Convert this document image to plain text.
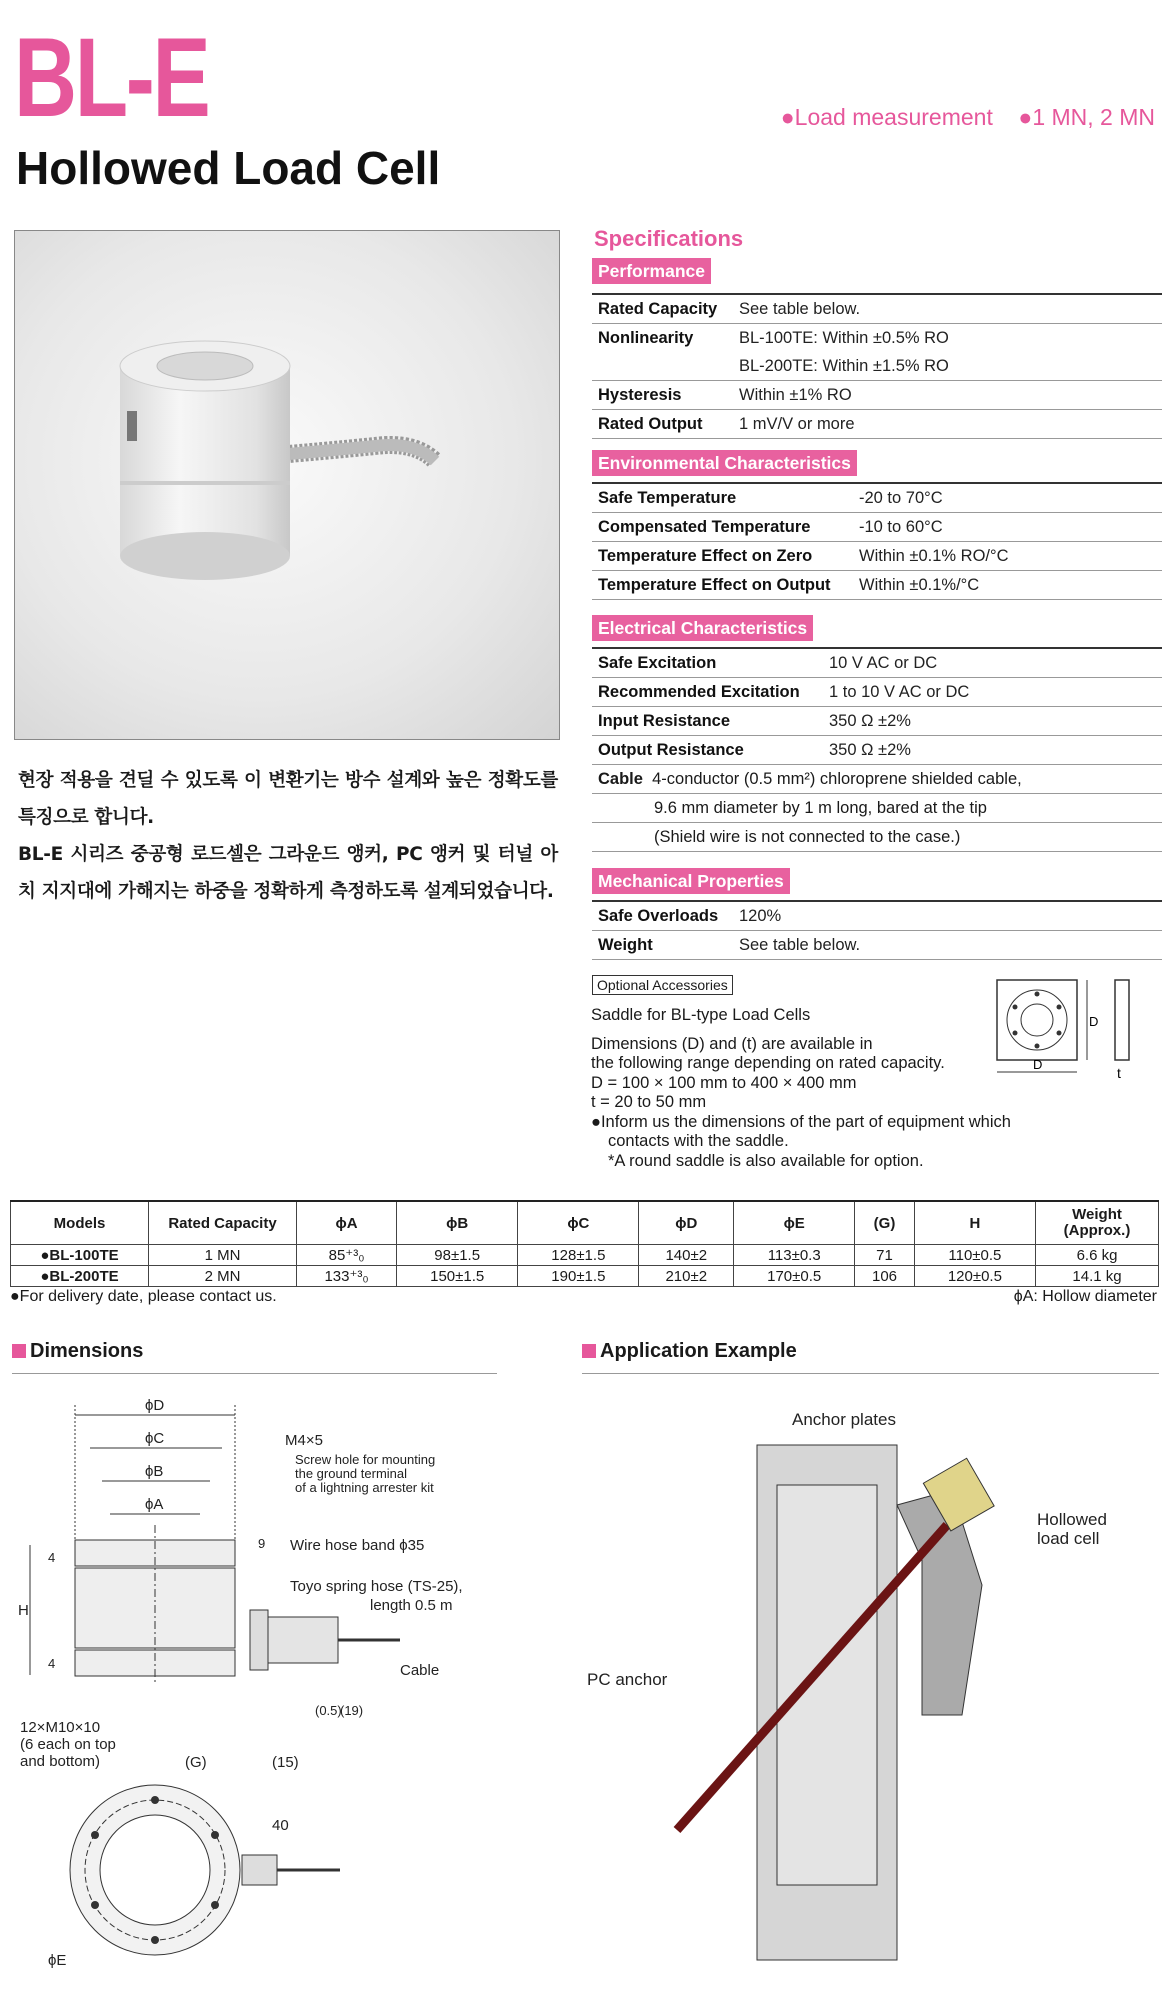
BL-E
Hollowed Load Cell
●Load measurement ●1 MN, 2 MN
현장 적용을 견딜 수 있도록 이 변환기는 방수 설계와 높은 정확도를 특징으로 합니다.
BL-E 시리즈 중공형 로드셀은 그라운드 앵커, PC 앵커 및 터널 아치 지지대에 가해지는 하중을 정확하게 측정하도록 설계되었습니다.
Specifications
Performance
Rated Capacity	See table below.
Nonlinearity	BL-100TE: Within ±0.5% RO
	BL-200TE: Within ±1.5% RO
Hysteresis	Within ±1% RO
Rated Output	1 mV/V or more
Environmental Characteristics
Safe Temperature	-20 to 70°C
Compensated Temperature	-10 to 60°C
Temperature Effect on Zero	Within ±0.1% RO/°C
Temperature Effect on Output	Within ±0.1%/°C
Electrical Characteristics
Safe Excitation	10 V AC or DC
Recommended Excitation	1 to 10 V AC or DC
Input Resistance	350 Ω ±2%
Output Resistance	350 Ω ±2%
Cable 4-conductor (0.5 mm²) chloroprene shielded cable,	
9.6 mm diameter by 1 m long, bared at the tip	
(Shield wire is not connected to the case.)	
Mechanical Properties
Safe Overloads	120%
Weight	See table below.
Optional Accessories
Saddle for BL-type Load Cells
Dimensions (D) and (t) are available in
the following range depending on rated capacity.
D = 100 × 100 mm to 400 × 400 mm
t = 20 to 50 mm
●Inform us the dimensions of the part of equipment which
contacts with the saddle.
*A round saddle is also available for option.
D
D
t
Models	Rated Capacity	ϕA	ϕB	ϕC	ϕD	ϕE	(G)	H	Weight (Approx.)
●BL-100TE	1 MN	85⁺³₀	98±1.5	128±1.5	140±2	113±0.3	71	110±0.5	6.6 kg
●BL-200TE	2 MN	133⁺³₀	150±1.5	190±1.5	210±2	170±0.5	106	120±0.5	14.1 kg
●For delivery date, please contact us.	ϕA: Hollow diameter
Dimensions
ϕD
ϕC
ϕB
ϕA
M4×5
Screw hole for mounting
the ground terminal
of a lightning arrester kit
Wire hose band ϕ35
Toyo spring hose (TS-25),
length 0.5 m
Cable
H
4
4
9
(0.5)
(19)
12×M10×10
(6 each on top
and bottom)	(G)	(15)
40
ϕE
Application Example
Anchor plates
Hollowed
load cell
PC anchor
